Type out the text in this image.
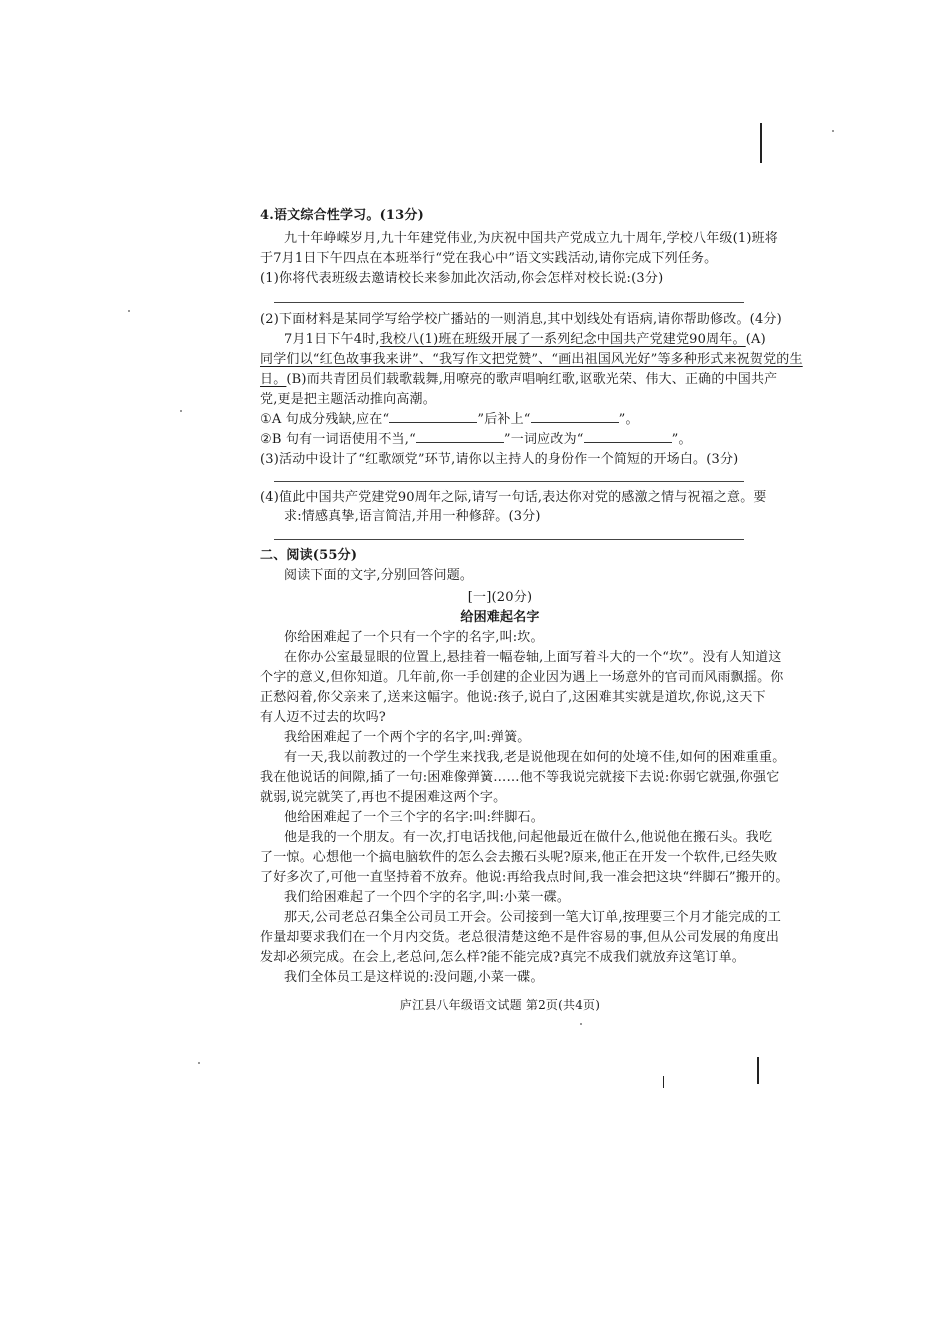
4.语文综合性学习。(13分)
九十年峥嵘岁月,九十年建党伟业,为庆祝中国共产党成立九十周年,学校八年级(1)班将
于7月1日下午四点在本班举行“党在我心中”语文实践活动,请你完成下列任务。
(1)你将代表班级去邀请校长来参加此次活动,你会怎样对校长说:(3分)
(2)下面材料是某同学写给学校广播站的一则消息,其中划线处有语病,请你帮助修改。(4分)
7月1日下午4时,我校八(1)班在班级开展了一系列纪念中国共产党建党90周年。(A)
同学们以“红色故事我来讲”、“我写作文把党赞”、“画出祖国风光好”等多种形式来祝贺党的生
日。(B)而共青团员们载歌载舞,用嘹亮的歌声唱响红歌,讴歌光荣、伟大、正确的中国共产
党,更是把主题活动推向高潮。
①A 句成分残缺,应在“	”后补上“	”。
②B 句有一词语使用不当,“	”一词应改为“	”。
(3)活动中设计了“红歌颂党”环节,请你以主持人的身份作一个简短的开场白。(3分)
(4)值此中国共产党建党90周年之际,请写一句话,表达你对党的感激之情与祝福之意。要
求:情感真挚,语言简洁,并用一种修辞。(3分)
二、阅读(55分)
阅读下面的文字,分别回答问题。
[一](20分)
给困难起名字
你给困难起了一个只有一个字的名字,叫:坎。
在你办公室最显眼的位置上,悬挂着一幅卷轴,上面写着斗大的一个“坎”。没有人知道这
个字的意义,但你知道。几年前,你一手创建的企业因为遇上一场意外的官司而风雨飘摇。你
正愁闷着,你父亲来了,送来这幅字。他说:孩子,说白了,这困难其实就是道坎,你说,这天下
有人迈不过去的坎吗?
我给困难起了一个两个字的名字,叫:弹簧。
有一天,我以前教过的一个学生来找我,老是说他现在如何的处境不佳,如何的困难重重。
我在他说话的间隙,插了一句:困难像弹簧……他不等我说完就接下去说:你弱它就强,你强它
就弱,说完就笑了,再也不提困难这两个字。
他给困难起了一个三个字的名字:叫:绊脚石。
他是我的一个朋友。有一次,打电话找他,问起他最近在做什么,他说他在搬石头。我吃
了一惊。心想他一个搞电脑软件的怎么会去搬石头呢?原来,他正在开发一个软件,已经失败
了好多次了,可他一直坚持着不放弃。他说:再给我点时间,我一准会把这块“绊脚石”搬开的。
我们给困难起了一个四个字的名字,叫:小菜一碟。
那天,公司老总召集全公司员工开会。公司接到一笔大订单,按理要三个月才能完成的工
作量却要求我们在一个月内交货。老总很清楚这绝不是件容易的事,但从公司发展的角度出
发却必须完成。在会上,老总问,怎么样?能不能完成?真完不成我们就放弃这笔订单。
我们全体员工是这样说的:没问题,小菜一碟。
庐江县八年级语文试题 第2页(共4页)
